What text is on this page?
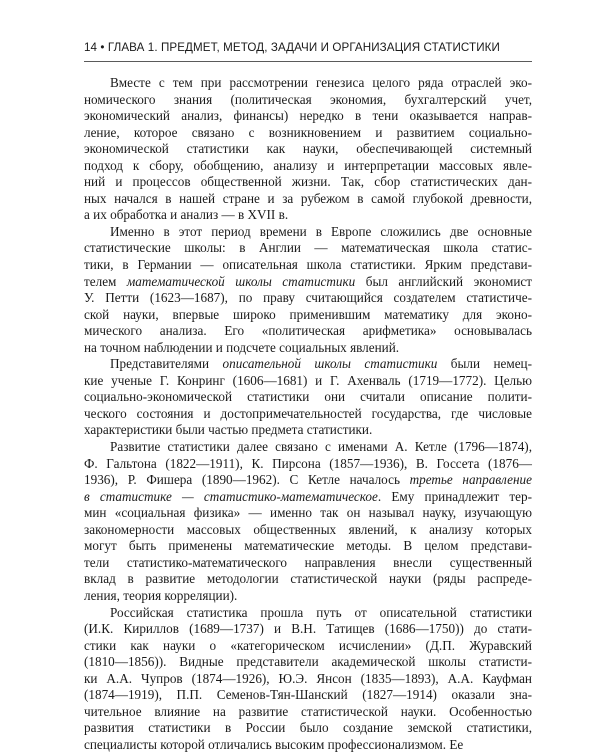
14 • ГЛАВА 1. ПРЕДМЕТ, МЕТОД, ЗАДАЧИ И ОРГАНИЗАЦИЯ СТАТИСТИКИ
Вместе с тем при рассмотрении генезиса целого ряда отраслей эко-
номического знания (политическая экономия, бухгалтерский учет,
экономический анализ, финансы) нередко в тени оказывается направ-
ление, которое связано с возникновением и развитием социально-
экономической статистики как науки, обеспечивающей системный
подход к сбору, обобщению, анализу и интерпретации массовых явле-
ний и процессов общественной жизни. Так, сбор статистических дан-
ных начался в нашей стране и за рубежом в самой глубокой древности,
а их обработка и анализ — в XVII в.
Именно в этот период времени в Европе сложились две основные
статистические школы: в Англии — математическая школа статис-
тики, в Германии — описательная школа статистики. Ярким представи-
телем математической школы статистики был английский экономист
У. Петти (1623—1687), по праву считающийся создателем статистиче-
ской науки, впервые широко применившим математику для эконо-
мического анализа. Его «политическая арифметика» основывалась
на точном наблюдении и подсчете социальных явлений.
Представителями описательной школы статистики были немец-
кие ученые Г. Конринг (1606—1681) и Г. Ахенваль (1719—1772). Целью
социально-экономической статистики они считали описание полити-
ческого состояния и достопримечательностей государства, где числовые
характеристики были частью предмета статистики.
Развитие статистики далее связано с именами А. Кетле (1796—1874),
Ф. Гальтона (1822—1911), К. Пирсона (1857—1936), В. Госсета (1876—
1936), Р. Фишера (1890—1962). С Кетле началось третье направление
в статистике — статистико-математическое. Ему принадлежит тер-
мин «социальная физика» — именно так он называл науку, изучающую
закономерности массовых общественных явлений, к анализу которых
могут быть применены математические методы. В целом представи-
тели статистико-математического направления внесли существенный
вклад в развитие методологии статистической науки (ряды распреде-
ления, теория корреляции).
Российская статистика прошла путь от описательной статистики
(И.К. Кириллов (1689—1737) и В.Н. Татищев (1686—1750)) до стати-
стики как науки о «категорическом исчислении» (Д.П. Журавский
(1810—1856)). Видные представители академической школы статисти-
ки А.А. Чупров (1874—1926), Ю.Э. Янсон (1835—1893), А.А. Кауфман
(1874—1919), П.П. Семенов-Тян-Шанский (1827—1914) оказали зна-
чительное влияние на развитие статистической науки. Особенностью
развития статистики в России было создание земской статистики,
специалисты которой отличались высоким профессионализмом. Ее
